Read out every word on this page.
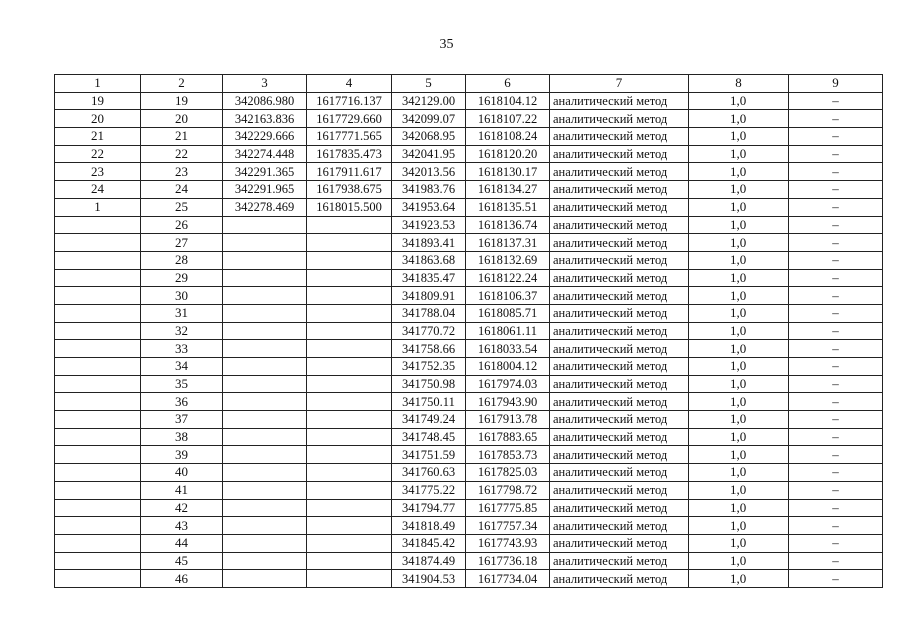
35
1	2	3	4	5	6	7	8	9
19	19	342086.980	1617716.137	342129.00	1618104.12	аналитический метод	1,0	–
20	20	342163.836	1617729.660	342099.07	1618107.22	аналитический метод	1,0	–
21	21	342229.666	1617771.565	342068.95	1618108.24	аналитический метод	1,0	–
22	22	342274.448	1617835.473	342041.95	1618120.20	аналитический метод	1,0	–
23	23	342291.365	1617911.617	342013.56	1618130.17	аналитический метод	1,0	–
24	24	342291.965	1617938.675	341983.76	1618134.27	аналитический метод	1,0	–
1	25	342278.469	1618015.500	341953.64	1618135.51	аналитический метод	1,0	–
	26			341923.53	1618136.74	аналитический метод	1,0	–
	27			341893.41	1618137.31	аналитический метод	1,0	–
	28			341863.68	1618132.69	аналитический метод	1,0	–
	29			341835.47	1618122.24	аналитический метод	1,0	–
	30			341809.91	1618106.37	аналитический метод	1,0	–
	31			341788.04	1618085.71	аналитический метод	1,0	–
	32			341770.72	1618061.11	аналитический метод	1,0	–
	33			341758.66	1618033.54	аналитический метод	1,0	–
	34			341752.35	1618004.12	аналитический метод	1,0	–
	35			341750.98	1617974.03	аналитический метод	1,0	–
	36			341750.11	1617943.90	аналитический метод	1,0	–
	37			341749.24	1617913.78	аналитический метод	1,0	–
	38			341748.45	1617883.65	аналитический метод	1,0	–
	39			341751.59	1617853.73	аналитический метод	1,0	–
	40			341760.63	1617825.03	аналитический метод	1,0	–
	41			341775.22	1617798.72	аналитический метод	1,0	–
	42			341794.77	1617775.85	аналитический метод	1,0	–
	43			341818.49	1617757.34	аналитический метод	1,0	–
	44			341845.42	1617743.93	аналитический метод	1,0	–
	45			341874.49	1617736.18	аналитический метод	1,0	–
	46			341904.53	1617734.04	аналитический метод	1,0	–
